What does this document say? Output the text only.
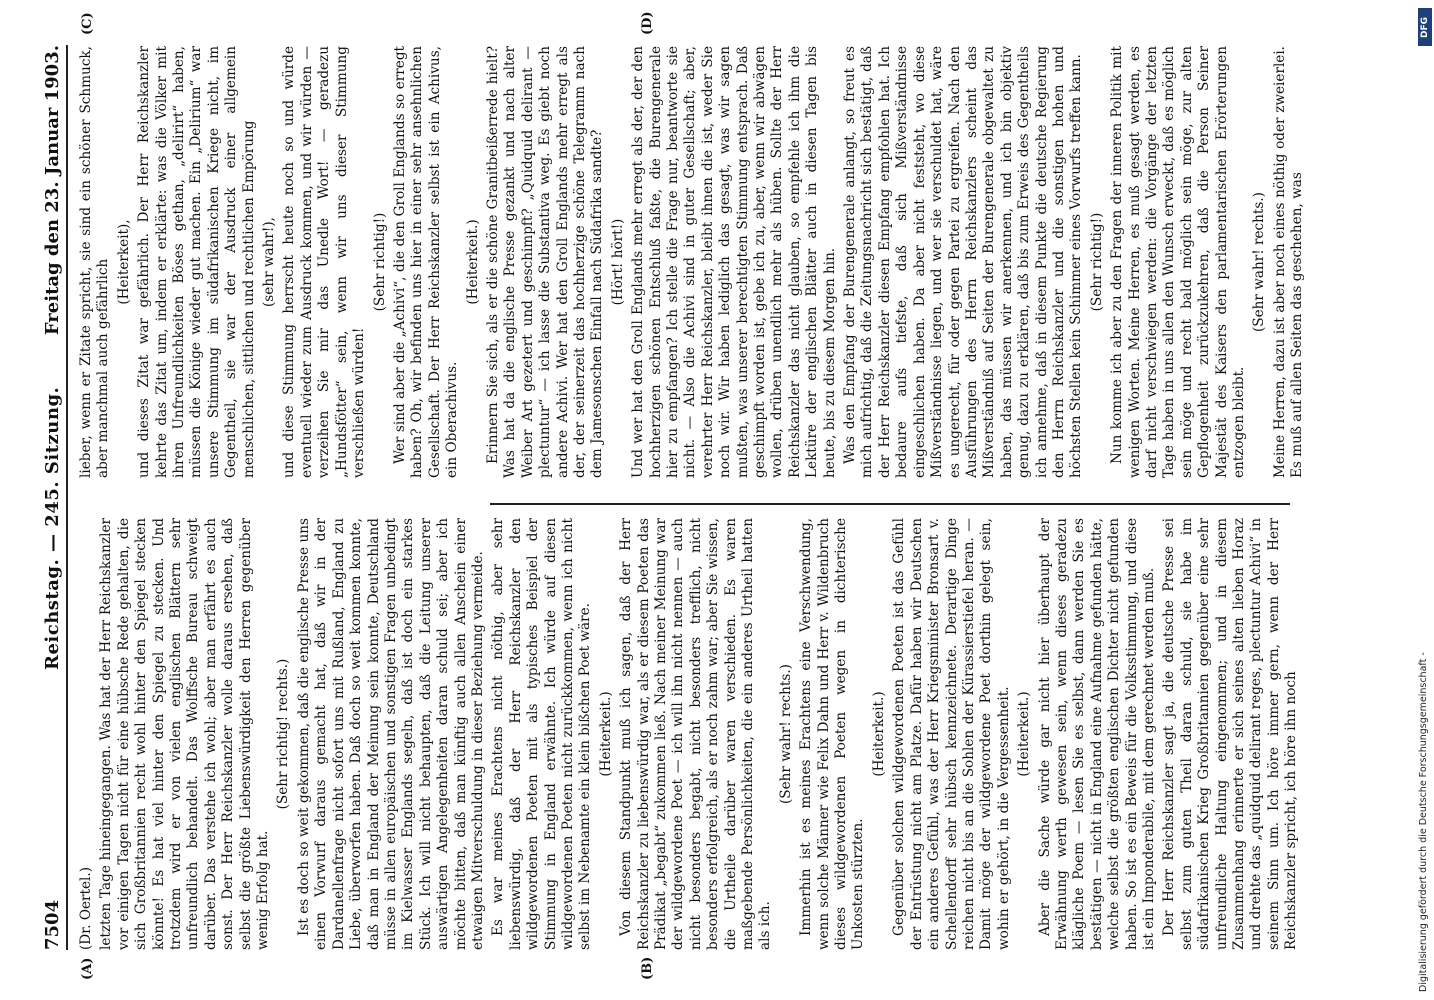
7504
Reichstag. — 245. Sitzung.
Freitag den 23. Januar 1903.
(A)	(B)
(C)	(D)

(Dr. Oertel.) letzten Tage hineingegangen. Was hat der Herr Reichskanzler vor einigen Tagen nicht für eine hübsche Rede gehalten, die sich Großbritannien recht wohl hinter den Spiegel stecken könnte! Es hat viel hinter den Spiegel zu stecken. Und trotzdem wird er von vielen englischen Blättern sehr unfreundlich behandelt. Das Wolffsche Bureau schweigt darüber. Das verstehe ich wohl; aber man erfährt es auch sonst. Der Herr Reichskanzler wolle daraus ersehen, daß selbst die größte Liebenswürdigkeit den Herren gegenüber wenig Erfolg hat.

(Sehr richtig! rechts.) Ist es doch so weit gekommen, daß die englische Presse uns einen Vorwurf daraus gemacht hat, daß wir in der Dardanellenfrage nicht sofort uns mit Rußland, England zu Liebe, überworfen haben. Daß doch so weit kommen konnte, daß man in England der Meinung sein konnte, Deutschland müsse in allen europäischen und sonstigen Fragen unbedingt im Kielwasser Englands segeln, daß ist doch ein starkes Stück. Ich will nicht behaupten, daß die Leitung unserer auswärtigen Angelegenheiten daran schuld sei; aber ich möchte bitten, daß man künftig auch allen Anschein einer etwaigen Mitverschuldung in dieser Beziehung vermeide. Es war meines Erachtens nicht nöthig, aber sehr liebenswürdig, daß der Herr Reichskanzler den wildgewordenen Poeten mit als typisches Beispiel der Stimmung in England erwähnte. Ich würde auf diesen wildgewordenen Poeten nicht zurückkommen, wenn ich nicht selbst im Nebenamte ein klein bißchen Poet wäre. (Heiterkeit.) Von diesem Standpunkt muß ich sagen, daß der Herr Reichskanzler zu liebenswürdig war, als er diesem Poeten das Prädikat „begabt“ zukommen ließ. Nach meiner Meinung war der wildgewordene Poet — ich will ihn nicht nennen — auch nicht besonders begabt, nicht besonders trefflich, nicht besonders erfolgreich, als er noch zahm war; aber Sie wissen, die Urtheile darüber waren verschieden. Es waren maßgebende Persönlichkeiten, die ein anderes Urtheil hatten als ich.

(Sehr wahr! rechts.) Immerhin ist es meines Erachtens eine Verschwendung, wenn solche Männer wie Felix Dahn und Herr v. Wildenbruch dieses wildgewordenen Poeten wegen in dichterische Unkosten stürzten.

(Heiterkeit.) Gegenüber solchen wildgewordenen Poeten ist das Gefühl der Entrüstung nicht am Platze. Dafür haben wir Deutschen ein anderes Gefühl, was der Herr Kriegsminister Bronsart v. Schellendorff sehr hübsch kennzeichnete. Derartige Dinge reichen nicht bis an die Sohlen der Kürassierstiefel heran. — Damit möge der wildgewordene Poet dorthin gelegt sein, wohin er gehört, in die Vergessenheit. (Heiterkeit.) Aber die Sache würde gar nicht hier überhaupt der Erwähnung werth gewesen sein, wenn dieses geradezu klägliche Poem — lesen Sie es selbst, dann werden Sie es bestätigen — nicht in England eine Aufnahme gefunden hätte, welche selbst die größten englischen Dichter nicht gefunden haben. So ist es ein Beweis für die Volksstimmung, und diese ist ein Imponderabile, mit dem gerechnet werden muß. Der Herr Reichskanzler sagt ja, die deutsche Presse sei selbst zum guten Theil daran schuld, sie habe im südafrikanischen Krieg Großbritannien gegenüber eine sehr unfreundliche Haltung eingenommen; und in diesem Zusammenhang erinnerte er sich seines alten lieben Horaz und drehte das „quidquid delirant reges, plectuntur Achivi“ in seinem Sinn um. Ich höre immer gern, wenn der Herr Reichskanzler spricht, ich höre ihn noch

lieber, wenn er Zitate spricht, sie sind ein schöner Schmuck, aber manchmal auch gefährlich (Heiterkeit), und dieses Zitat war gefährlich. Der Herr Reichskanzler kehrte das Zitat um, indem er erklärte: was die Völker mit ihren Unfreundlichkeiten Böses gethan, „delirirt“ haben, müssen die Könige wieder gut machen. Ein „Delirium“ war unsere Stimmung im südafrikanischen Kriege nicht, im Gegentheil, sie war der Ausdruck einer allgemein menschlichen, sittlichen und rechtlichen Empörung (sehr wahr!), und diese Stimmung herrscht heute noch so und würde eventuell wieder zum Ausdruck kommen, und wir würden — verzeihen Sie mir das Unedle Wort! — geradezu „Hundsfötter“ sein, wenn wir uns dieser Stimmung verschließen würden!

(Sehr richtig!) Wer sind aber die „Achivi“, die den Groll Englands so erregt haben? Oh, wir befinden uns hier in einer sehr ansehnlichen Gesellschaft. Der Herr Reichskanzler selbst ist ein Achivus, ein Oberachivus.

(Heiterkeit.) Erinnern Sie sich, als er die schöne Granitbeißerrede hielt? Was hat da die englische Presse gezankt und nach alter Weiber Art gezetert und geschimpft? „Quidquid delirant — plectuntur“ — ich lasse die Substantiva weg. Es giebt noch andere Achivi. Wer hat den Groll Englands mehr erregt als der, der seinerzeit das hochherzige schöne Telegramm nach dem Jamesonschen Einfall nach Südafrika sandte? (Hört! hört!) Und wer hat den Groll Englands mehr erregt als der, der den hochherzigen schönen Entschluß faßte, die Burengenerale hier zu empfangen? Ich stelle die Frage nur, beantworte sie nicht. — Also die Achivi sind in guter Gesellschaft; aber, verehrter Herr Reichskanzler, bleibt ihnen die ist, weder Sie noch wir. Wir haben lediglich das gesagt, was wir sagen mußten, was unserer berechtigten Stimmung entsprach. Daß geschimpft worden ist, gebe ich zu, aber, wenn wir abwägen wollen, drüben unendlich mehr als hüben. Sollte der Herr Reichskanzler das nicht glauben, so empfehle ich ihm die Lektüre der englischen Blätter auch in diesen Tagen bis heute, bis zu diesem Morgen hin. Was den Empfang der Burengenerale anlangt, so freut es mich aufrichtig, daß die Zeitungsnachricht sich bestätigt, daß der Herr Reichskanzler diesen Empfang empfohlen hat. Ich bedaure aufs tiefste, daß sich Mißverständnisse eingeschlichen haben. Da aber nicht feststeht, wo diese Mißverständnisse liegen, und wer sie verschuldet hat, wäre es ungerecht, für oder gegen Partei zu ergreifen. Nach den Ausführungen des Herrn Reichskanzlers scheint das Mißverständniß auf Seiten der Burengenerale obgewaltet zu haben, das müssen wir anerkennen, und ich bin objektiv genug, dazu zu erklären, daß bis zum Erweis des Gegentheils ich annehme, daß in diesem Punkte die deutsche Regierung den Herrn Reichskanzler und die sonstigen hohen und höchsten Stellen kein Schimmer eines Vorwurfs treffen kann. (Sehr richtig!) Nun komme ich aber zu den Fragen der inneren Politik mit wenigen Worten. Meine Herren, es muß gesagt werden, es darf nicht verschwiegen werden: die Vorgänge der letzten Tage haben in uns allen den Wunsch erweckt, daß es möglich sein möge und recht bald möglich sein möge, zur alten Gepflogenheit zurückzukehren, daß die Person Seiner Majestät des Kaisers den parlamentarischen Erörterungen entzogen bleibt.

(Sehr wahr! rechts.) Meine Herren, dazu ist aber noch eines nöthig oder zweierlei. Es muß auf allen Seiten das geschehen, was

DFG
Digitalisierung gefördert durch die Deutsche Forschungsgemeinschaft -
